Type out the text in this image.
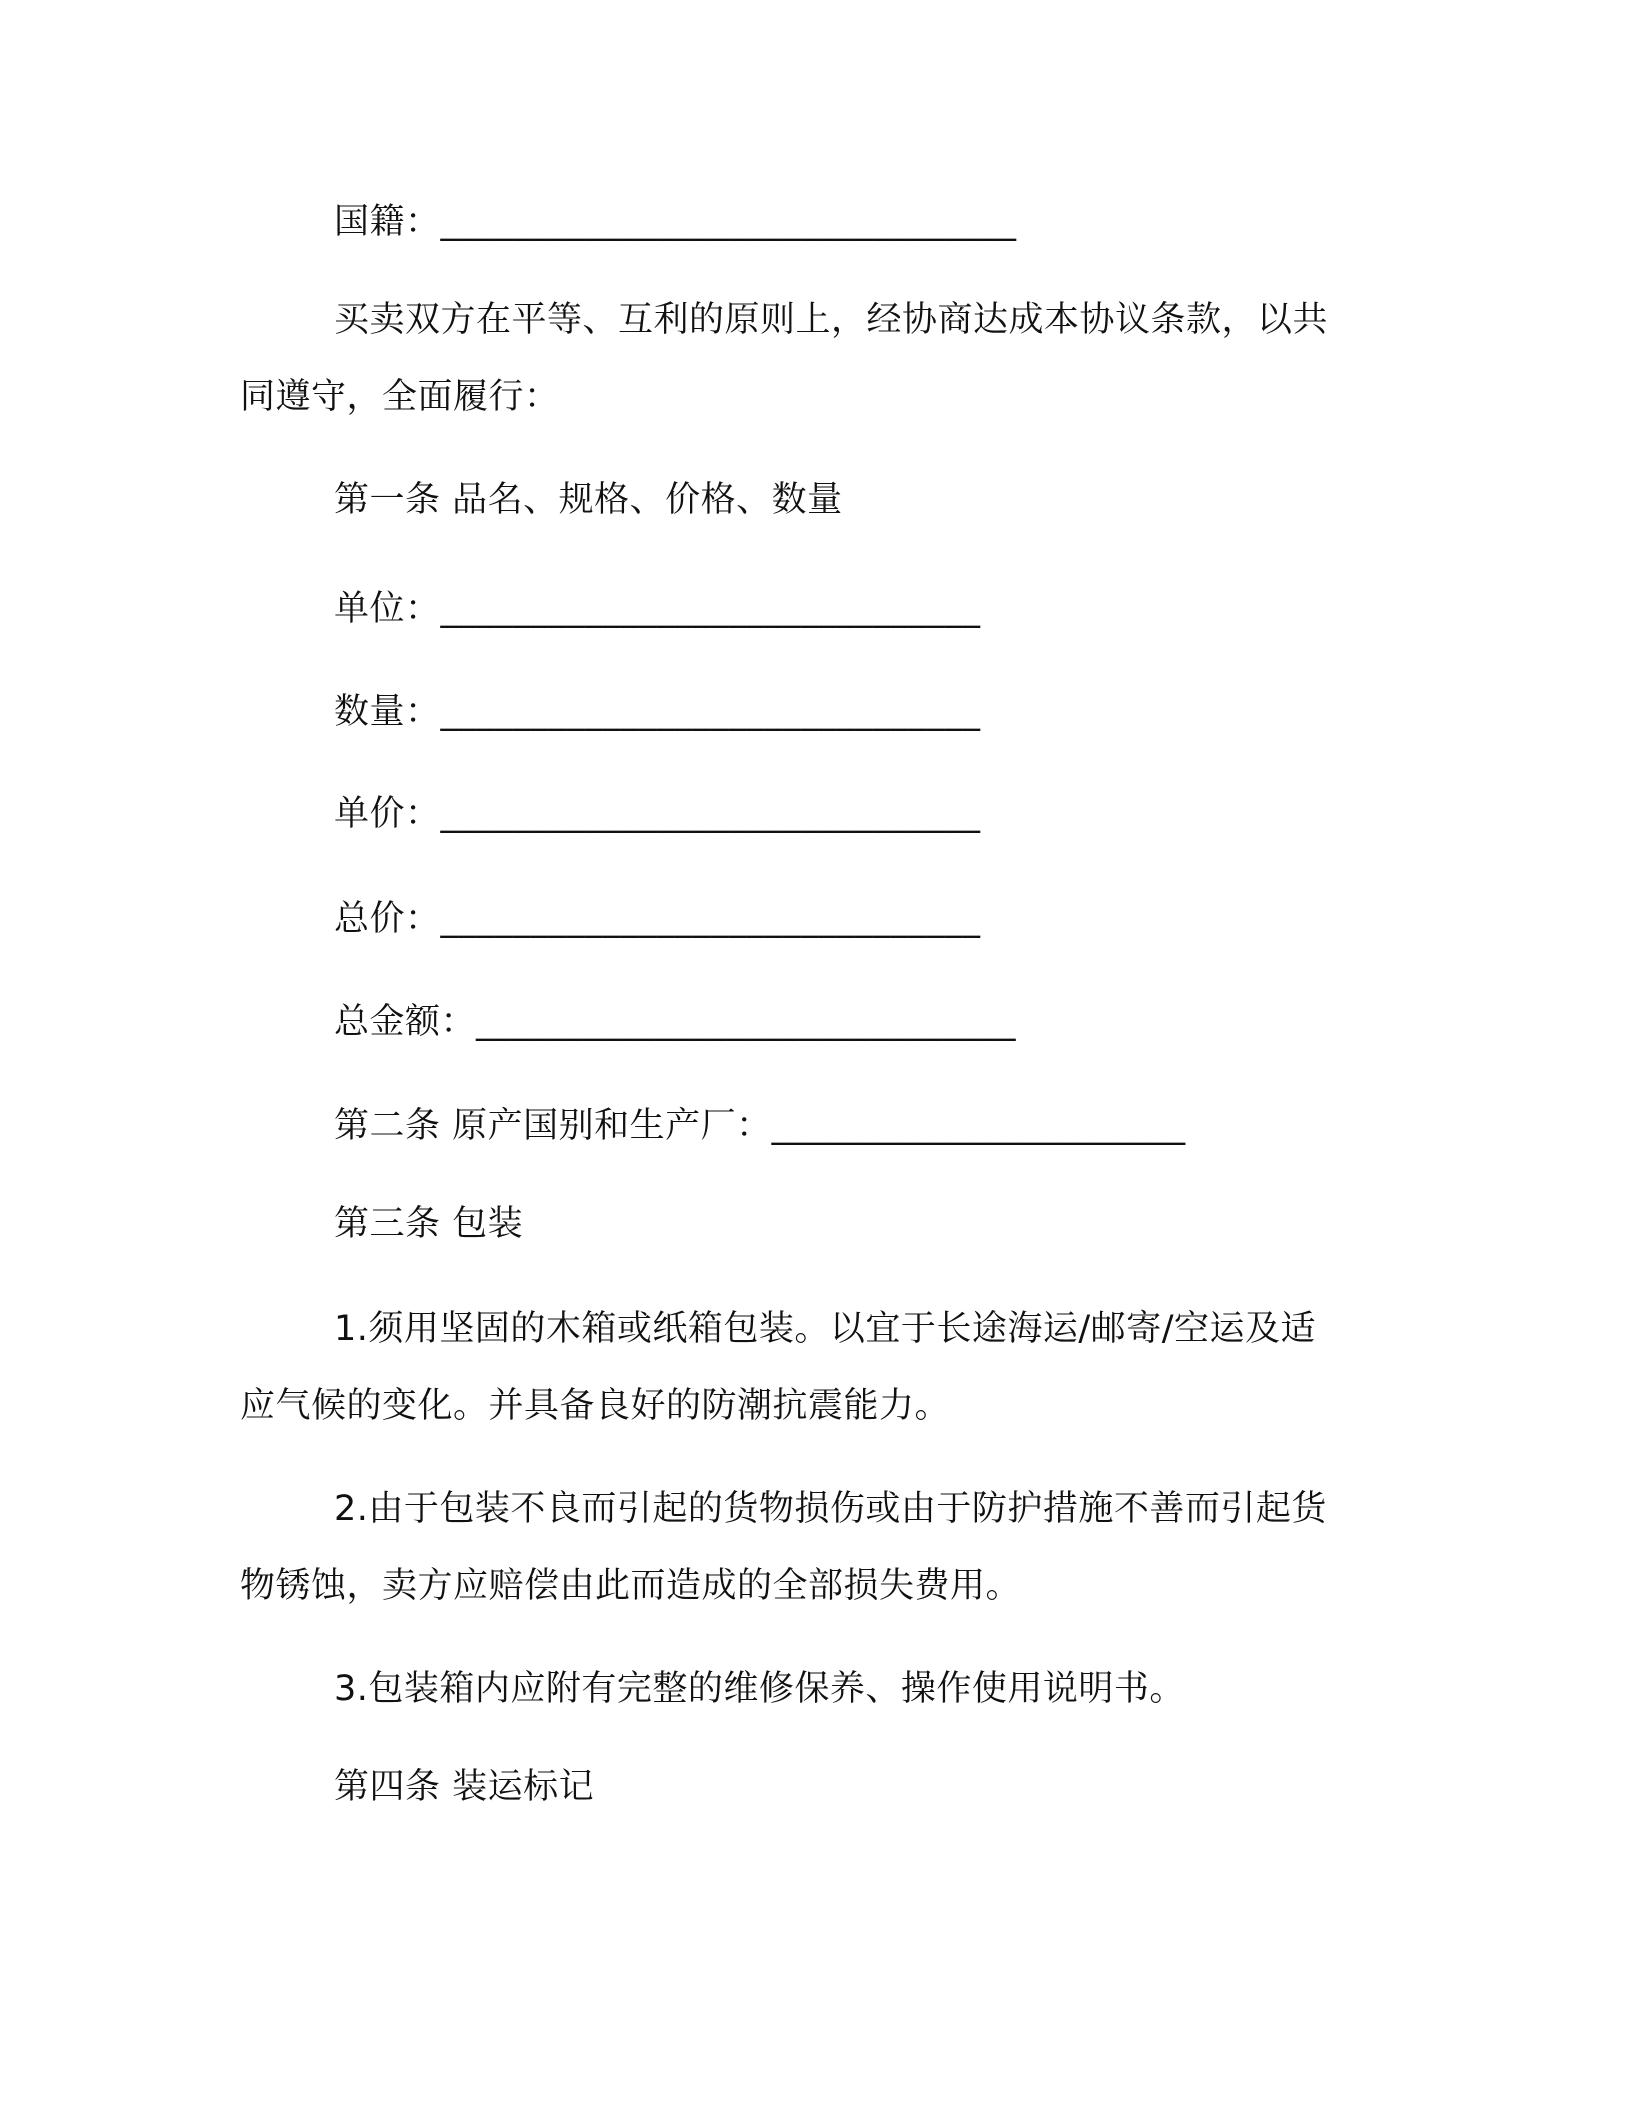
国籍：________________________________
买卖双方在平等、互利的原则上，经协商达成本协议条款，以共
同遵守，全面履行：
第一条 品名、规格、价格、数量
单位：______________________________
数量：______________________________
单价：______________________________
总价：______________________________
总金额：______________________________
第二条 原产国别和生产厂：_______________________
第三条 包装
1.须用坚固的木箱或纸箱包装。以宜于长途海运/邮寄/空运及适
应气候的变化。并具备良好的防潮抗震能力。
2.由于包装不良而引起的货物损伤或由于防护措施不善而引起货
物锈蚀，卖方应赔偿由此而造成的全部损失费用。
3.包装箱内应附有完整的维修保养、操作使用说明书。
第四条 装运标记
